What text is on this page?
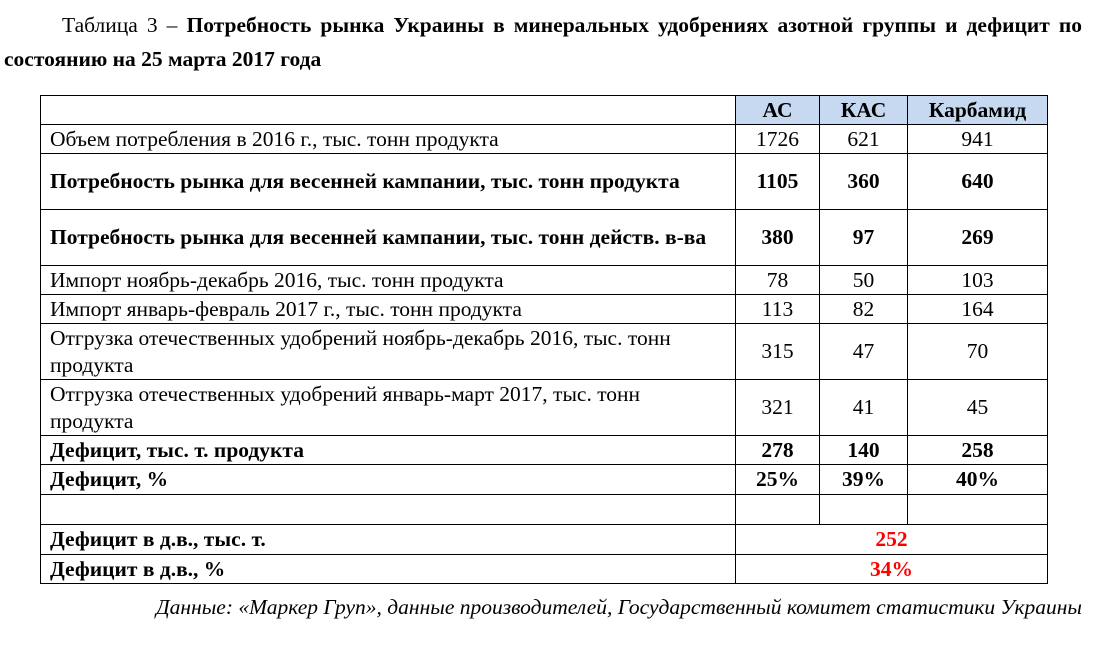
Таблица 3 – Потребность рынка Украины в минеральных удобрениях азотной группы и дефицит по состоянию на 25 марта 2017 года
	АС	КАС	Карбамид
Объем потребления в 2016 г., тыс. тонн продукта	1726	621	941
Потребность рынка для весенней кампании, тыс. тонн продукта	1105	360	640
Потребность рынка для весенней кампании, тыс. тонн действ. в-ва	380	97	269
Импорт ноябрь-декабрь 2016, тыс. тонн продукта	78	50	103
Импорт январь-февраль 2017 г., тыс. тонн продукта	113	82	164
Отгрузка отечественных удобрений ноябрь-декабрь 2016, тыс. тонн продукта	315	47	70
Отгрузка отечественных удобрений январь-март 2017, тыс. тонн продукта	321	41	45
Дефицит, тыс. т. продукта	278	140	258
Дефицит, %	25%	39%	40%

Дефицит в д.в., тыс. т.	252		
Дефицит в д.в., %	34%		
Данные: «Маркер Груп», данные производителей, Государственный комитет статистики Украины
